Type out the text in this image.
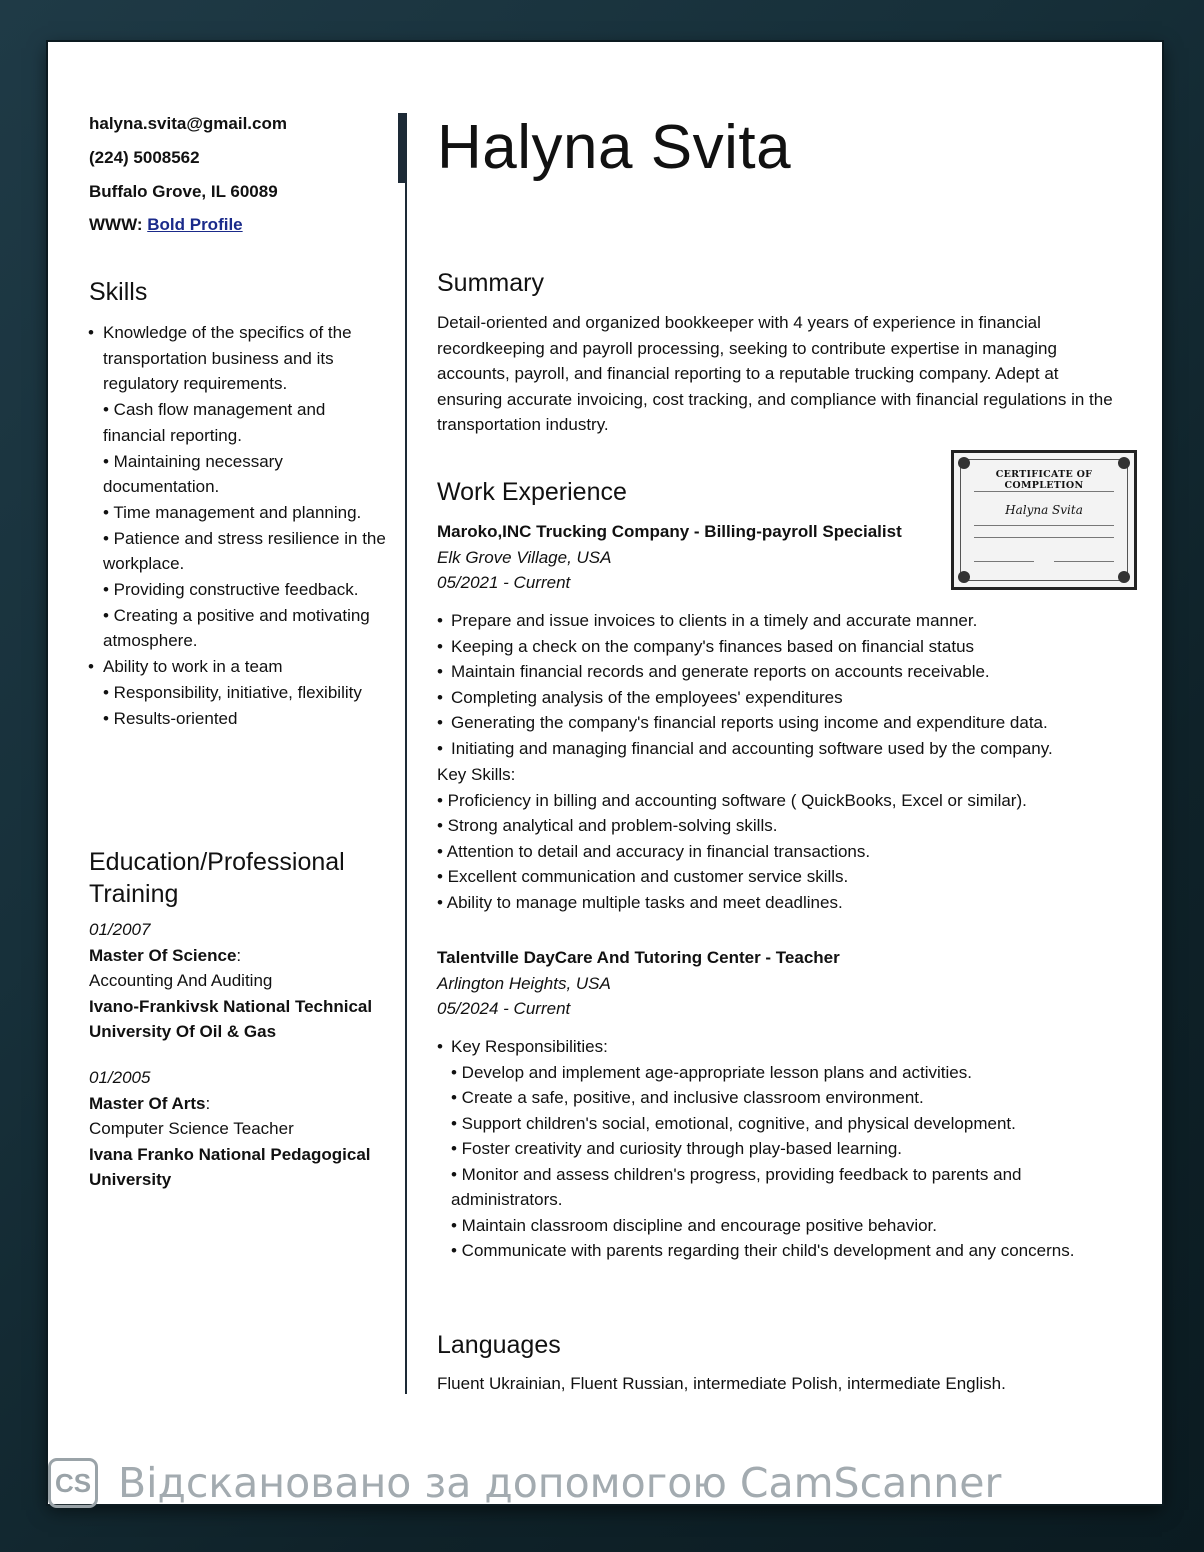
halyna.svita@gmail.com
(224) 5008562
Buffalo Grove, IL 60089
WWW: Bold Profile
Skills
• Knowledge of the specifics of the transportation business and its regulatory requirements.
• Cash flow management and financial reporting.
• Maintaining necessary documentation.
• Time management and planning.
• Patience and stress resilience in the workplace.
• Providing constructive feedback.
• Creating a positive and motivating atmosphere.
• Ability to work in a team
• Responsibility, initiative, flexibility
• Results-oriented
Education/Professional Training
01/2007
Master Of Science:
Accounting And Auditing
Ivano-Frankivsk National Technical University Of Oil & Gas
01/2005
Master Of Arts:
Computer Science Teacher
Ivana Franko National Pedagogical University
Halyna Svita
Summary
Detail-oriented and organized bookkeeper with 4 years of experience in financial recordkeeping and payroll processing, seeking to contribute expertise in managing accounts, payroll, and financial reporting to a reputable trucking company. Adept at ensuring accurate invoicing, cost tracking, and compliance with financial regulations in the transportation industry.
CERTIFICATE OF COMPLETION
Halyna Svita
Work Experience
Maroko,INC Trucking Company - Billing-payroll Specialist
Elk Grove Village, USA
05/2021 - Current
• Prepare and issue invoices to clients in a timely and accurate manner.
• Keeping a check on the company's finances based on financial status
• Maintain financial records and generate reports on accounts receivable.
• Completing analysis of the employees' expenditures
• Generating the company's financial reports using income and expenditure data.
• Initiating and managing financial and accounting software used by the company.
Key Skills:
• Proficiency in billing and accounting software ( QuickBooks, Excel or similar).
• Strong analytical and problem-solving skills.
• Attention to detail and accuracy in financial transactions.
• Excellent communication and customer service skills.
• Ability to manage multiple tasks and meet deadlines.
Talentville DayCare And Tutoring Center - Teacher
Arlington Heights, USA
05/2024 - Current
• Key Responsibilities:
• Develop and implement age-appropriate lesson plans and activities.
• Create a safe, positive, and inclusive classroom environment.
• Support children's social, emotional, cognitive, and physical development.
• Foster creativity and curiosity through play-based learning.
• Monitor and assess children's progress, providing feedback to parents and administrators.
• Maintain classroom discipline and encourage positive behavior.
• Communicate with parents regarding their child's development and any concerns.
Languages
Fluent Ukrainian, Fluent Russian, intermediate Polish, intermediate English.
CS Відскановано за допомогою CamScanner
